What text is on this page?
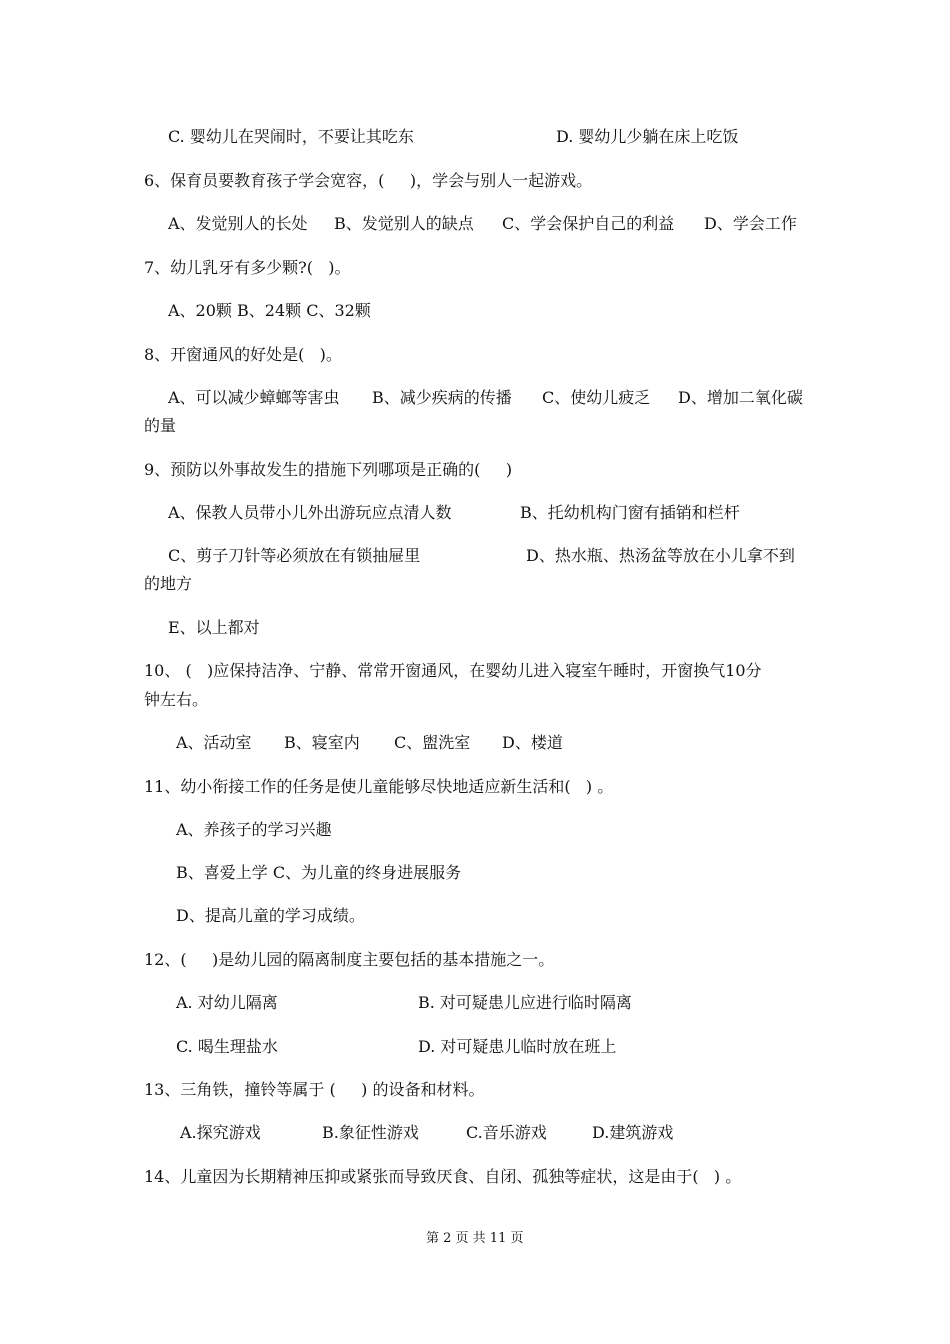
C. 婴幼儿在哭闹时，不要让其吃东	D. 婴幼儿少躺在床上吃饭
6、保育员要教育孩子学会宽容，(     )，学会与别人一起游戏。
A、发觉别人的长处 B、发觉别人的缺点 C、学会保护自己的利益 D、学会工作
7、幼儿乳牙有多少颗?(   )。
A、20颗 B、24颗 C、32颗
8、开窗通风的好处是(   )。
A、可以减少蟑螂等害虫 B、减少疾病的传播 C、使幼儿疲乏 D、增加二氧化碳
的量
9、预防以外事故发生的措施下列哪项是正确的(     )
A、保教人员带小儿外出游玩应点清人数	B、托幼机构门窗有插销和栏杆
C、剪子刀针等必须放在有锁抽屉里	D、热水瓶、热汤盆等放在小儿拿不到
的地方
E、以上都对
10、 (   )应保持洁净、宁静、常常开窗通风，在婴幼儿进入寝室午睡时，开窗换气10分
钟左右。
A、活动室 B、寝室内 C、盥洗室 D、楼道
11、幼小衔接工作的任务是使儿童能够尽快地适应新生活和(   ) 。
A、养孩子的学习兴趣
B、喜爱上学 C、为儿童的终身进展服务
D、提高儿童的学习成绩。
12、(     )是幼儿园的隔离制度主要包括的基本措施之一。
A. 对幼儿隔离	B. 对可疑患儿应进行临时隔离
C. 喝生理盐水	D. 对可疑患儿临时放在班上
13、三角铁，撞铃等属于 (     ) 的设备和材料。
A.探究游戏	B.象征性游戏	C.音乐游戏	D.建筑游戏
14、儿童因为长期精神压抑或紧张而导致厌食、自闭、孤独等症状，这是由于(   ) 。
第 2 页 共 11 页
